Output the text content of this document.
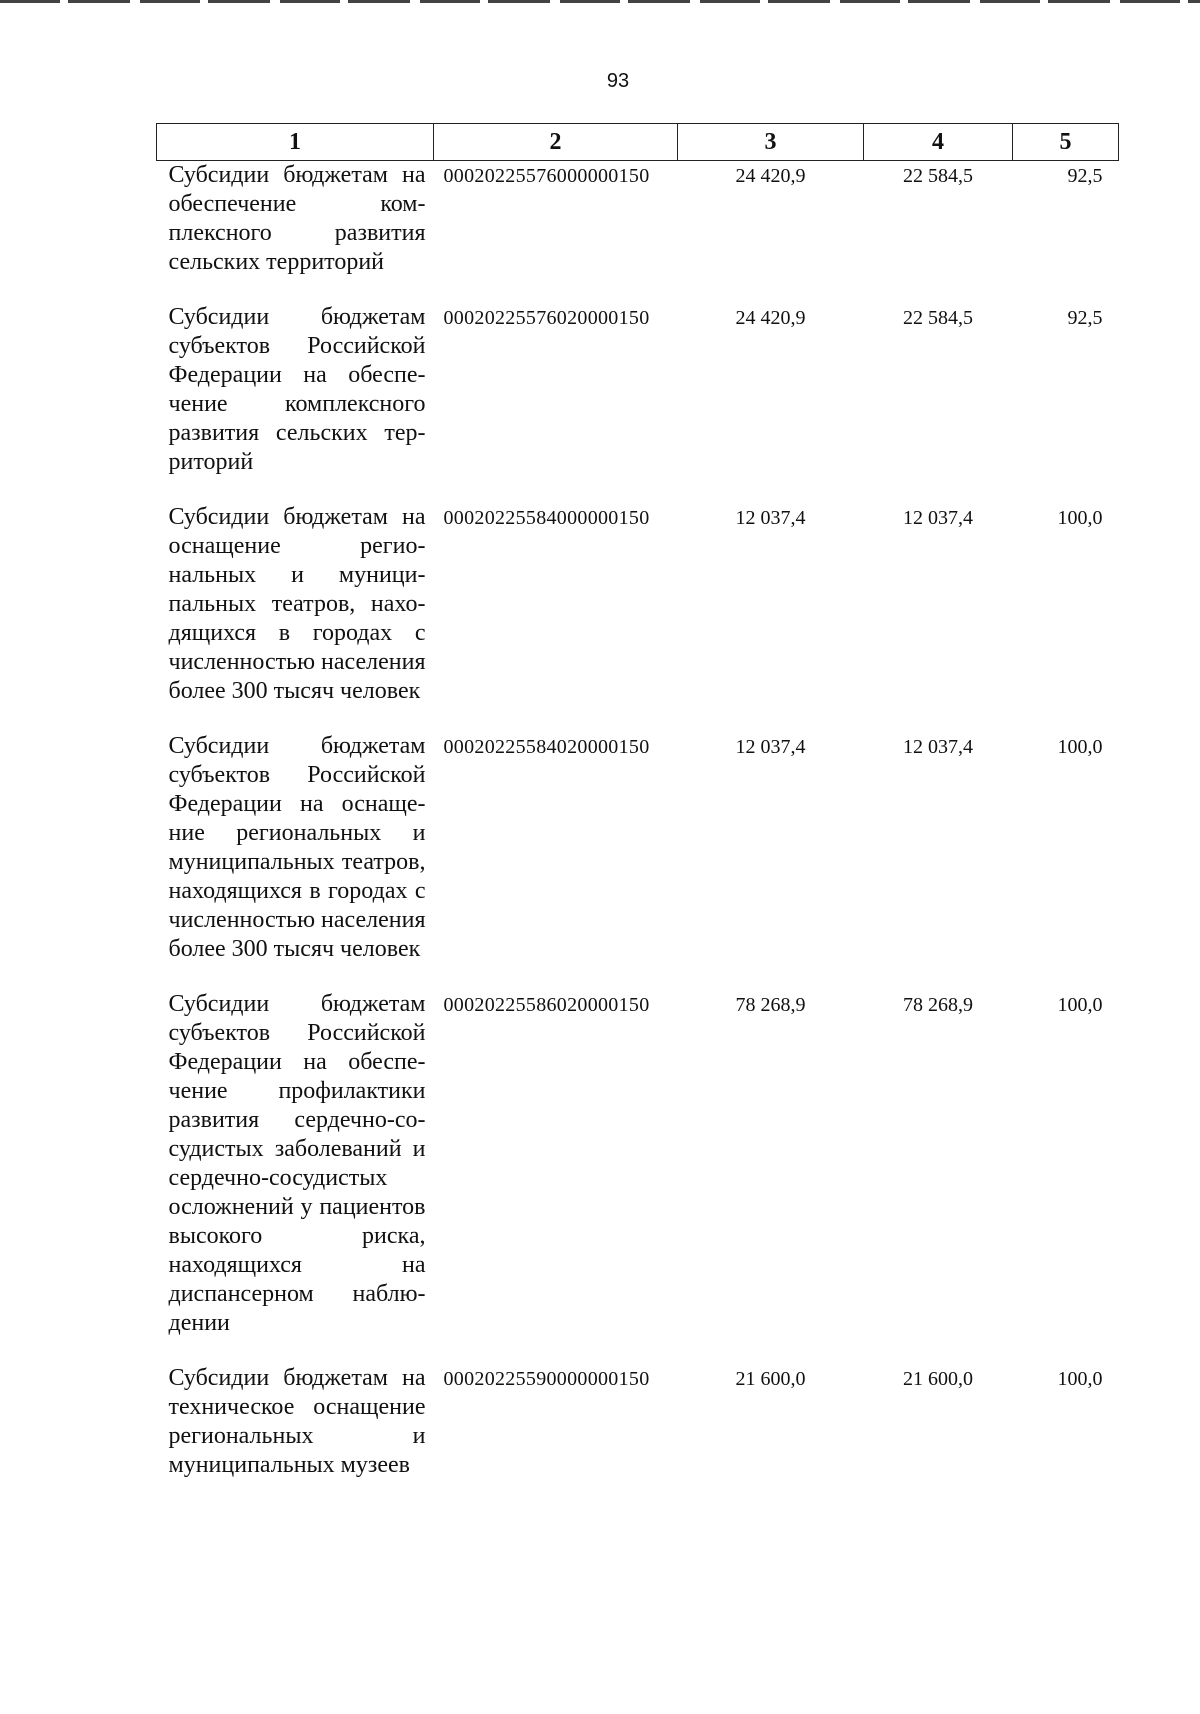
93
1	2	3	4	5
Субсидии бюджетам на обеспечение комплексного развития сельских территорий	00020225576000000150	24 420,9	22 584,5	92,5
Субсидии бюджетам субъектов Российской Федерации на обеспечение комплексного развития сельских территорий	00020225576020000150	24 420,9	22 584,5	92,5
Субсидии бюджетам на оснащение региональных и муниципальных театров, находящихся в городах с численностью населения более 300 тысяч человек	00020225584000000150	12 037,4	12 037,4	100,0
Субсидии бюджетам субъектов Российской Федерации на оснащение региональных и муниципальных театров, находящихся в городах с численностью населения более 300 тысяч человек	00020225584020000150	12 037,4	12 037,4	100,0
Субсидии бюджетам субъектов Российской Федерации на обеспечение профилактики развития сердечно-сосудистых заболеваний и сердечно-сосудистых осложнений у пациентов высокого риска, находящихся на диспансерном наблюдении	00020225586020000150	78 268,9	78 268,9	100,0
Субсидии бюджетам на техническое оснащение региональных и муниципальных музеев	00020225590000000150	21 600,0	21 600,0	100,0
